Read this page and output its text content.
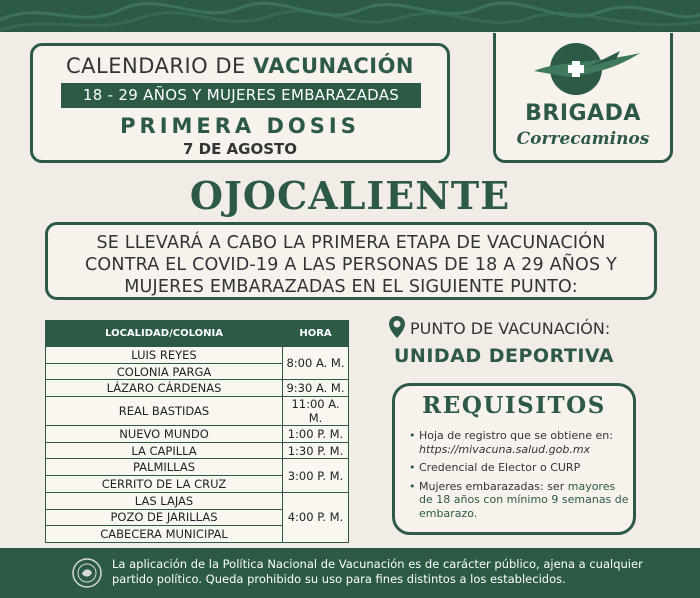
CALENDARIO DE VACUNACIÓN
18 - 29 AÑOS Y MUJERES EMBARAZADAS
PRIMERA DOSIS
7 DE AGOSTO
BRIGADA
Correcaminos
OJOCALIENTE
SE LLEVARÁ A CABO LA PRIMERA ETAPA DE VACUNACIÓN
CONTRA EL COVID-19 A LAS PERSONAS DE 18 A 29 AÑOS Y
MUJERES EMBARAZADAS EN EL SIGUIENTE PUNTO:
LOCALIDAD/COLONIA	HORA
LUIS REYES	8:00 A. M.
COLONIA PARGA	
LÁZARO CÁRDENAS	9:30 A. M.
REAL BASTIDAS	11:00 A. M.
NUEVO MUNDO	1:00 P. M.
LA CAPILLA	1:30 P. M.
PALMILLAS	3:00 P. M.
CERRITO DE LA CRUZ	
LAS LAJAS	4:00 P. M.
POZO DE JARILLAS	
CABECERA MUNICIPAL	
PUNTO DE VACUNACIÓN:
UNIDAD DEPORTIVA
REQUISITOS
• Hoja de registro que se obtiene en: https://mivacuna.salud.gob.mx
• Credencial de Elector o CURP
• Mujeres embarazadas: ser mayores de 18 años con mínimo 9 semanas de embarazo.
La aplicación de la Política Nacional de Vacunación es de carácter público, ajena a cualquier partido político. Queda prohibido su uso para fines distintos a los establecidos.
